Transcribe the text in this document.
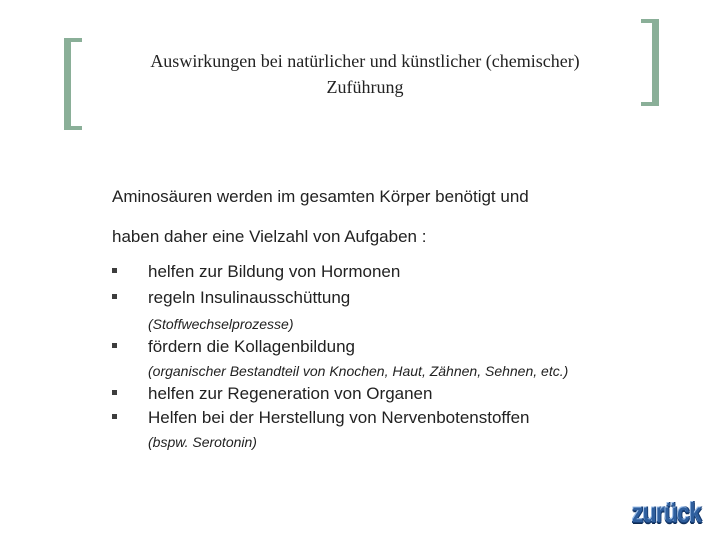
Auswirkungen bei natürlicher und künstlicher (chemischer)
Zuführung
Aminosäuren werden im gesamten Körper benötigt und
haben daher eine Vielzahl von Aufgaben :
helfen zur Bildung von Hormonen
regeln Insulinausschüttung
(Stoffwechselprozesse)
fördern die Kollagenbildung
(organischer Bestandteil von Knochen, Haut, Zähnen, Sehnen, etc.)
helfen zur Regeneration von Organen
Helfen bei der Herstellung von Nervenbotenstoffen
(bspw. Serotonin)
zurück
